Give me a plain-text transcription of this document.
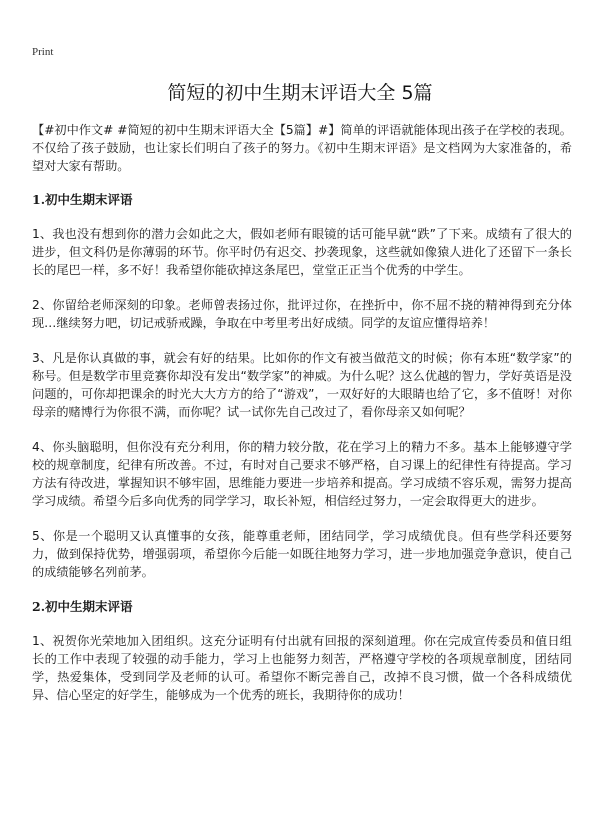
Print
简短的初中生期末评语大全 5篇

【#初中作文# #简短的初中生期末评语大全【5篇】#】简单的评语就能体现出孩子在学校的表现。不仅给了孩子鼓励，也让家长们明白了孩子的努力。《初中生期末评语》是文档网为大家准备的，希望对大家有帮助。

1.初中生期末评语

1、我也没有想到你的潜力会如此之大，假如老师有眼镜的话可能早就“跌”了下来。成绩有了很大的进步，但文科仍是你薄弱的环节。你平时仍有迟交、抄袭现象，这些就如像猿人进化了还留下一条长长的尾巴一样，多不好！我希望你能砍掉这条尾巴，堂堂正正当个优秀的中学生。

2、你留给老师深刻的印象。老师曾表扬过你，批评过你，在挫折中，你不屈不挠的精神得到充分体现…继续努力吧，切记戒骄戒躁，争取在中考里考出好成绩。同学的友谊应懂得培养！

3、凡是你认真做的事，就会有好的结果。比如你的作文有被当做范文的时候；你有本班“数学家”的称号。但是数学市里竞赛你却没有发出“数学家”的神威。为什么呢？这么优越的智力，学好英语是没问题的，可你却把课余的时光大大方方的给了“游戏”，一双好好的大眼睛也给了它，多不值呀！对你母亲的赌博行为你很不满，而你呢？试一试你先自己改过了，看你母亲又如何呢？

4、你头脑聪明，但你没有充分利用，你的精力较分散，花在学习上的精力不多。基本上能够遵守学校的规章制度，纪律有所改善。不过，有时对自己要求不够严格，自习课上的纪律性有待提高。学习方法有待改进，掌握知识不够牢固，思维能力要进一步培养和提高。学习成绩不容乐观，需努力提高学习成绩。希望今后多向优秀的同学学习，取长补短，相信经过努力，一定会取得更大的进步。

5、你是一个聪明又认真懂事的女孩，能尊重老师，团结同学，学习成绩优良。但有些学科还要努力，做到保持优势，增强弱项，希望你今后能一如既往地努力学习，进一步地加强竞争意识，使自己的成绩能够名列前茅。

2.初中生期末评语

1、祝贺你光荣地加入团组织。这充分证明有付出就有回报的深刻道理。你在完成宣传委员和值日组长的工作中表现了较强的动手能力，学习上也能努力刻苦，严格遵守学校的各项规章制度，团结同学，热爱集体，受到同学及老师的认可。希望你不断完善自己，改掉不良习惯，做一个各科成绩优异、信心坚定的好学生，能够成为一个优秀的班长，我期待你的成功！
